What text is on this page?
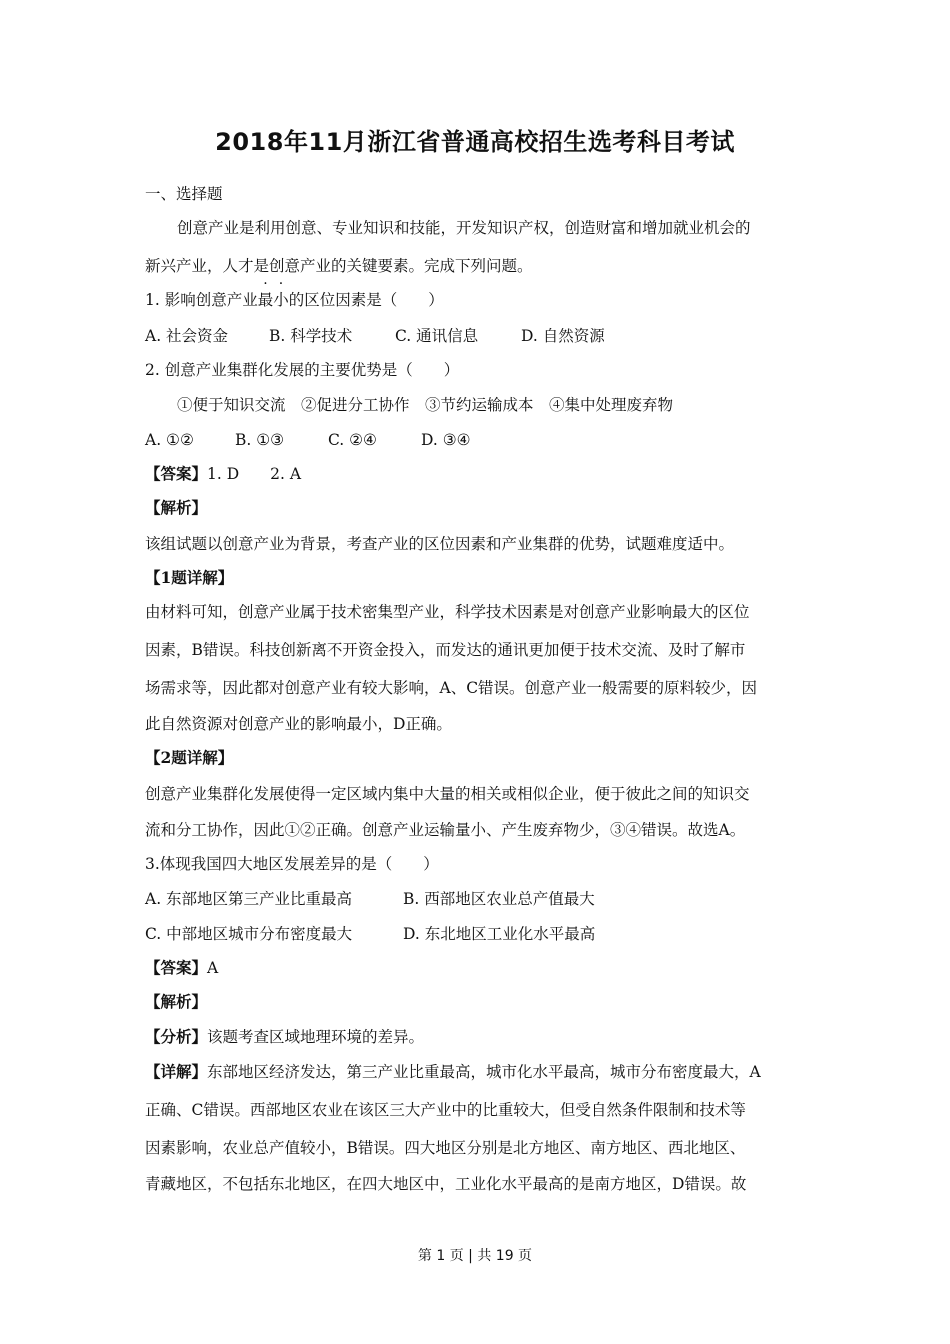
2018年11月浙江省普通高校招生选考科目考试
一、选择题
创意产业是利用创意、专业知识和技能，开发知识产权，创造财富和增加就业机会的
新兴产业，人才是创意产业的关键要素。完成下列问题。
1. 影响创意产业最小的区位因素是（　　）
A. 社会资金	B. 科学技术	C. 通讯信息	D. 自然资源
2. 创意产业集群化发展的主要优势是（　　）
①便于知识交流　②促进分工协作　③节约运输成本　④集中处理废弃物
A. ①②	B. ①③	C. ②④	D. ③④
【答案】1. D　　2. A
【解析】
该组试题以创意产业为背景，考查产业的区位因素和产业集群的优势，试题难度适中。
【1题详解】
由材料可知，创意产业属于技术密集型产业，科学技术因素是对创意产业影响最大的区位
因素，B错误。科技创新离不开资金投入，而发达的通讯更加便于技术交流、及时了解市
场需求等，因此都对创意产业有较大影响，A、C错误。创意产业一般需要的原料较少，因
此自然资源对创意产业的影响最小，D正确。
【2题详解】
创意产业集群化发展使得一定区域内集中大量的相关或相似企业，便于彼此之间的知识交
流和分工协作，因此①②正确。创意产业运输量小、产生废弃物少，③④错误。故选A。
3.体现我国四大地区发展差异的是（　　）
A. 东部地区第三产业比重最高	B. 西部地区农业总产值最大
C. 中部地区城市分布密度最大	D. 东北地区工业化水平最高
【答案】A
【解析】
【分析】该题考查区域地理环境的差异。
【详解】东部地区经济发达，第三产业比重最高，城市化水平最高，城市分布密度最大，A
正确、C错误。西部地区农业在该区三大产业中的比重较大，但受自然条件限制和技术等
因素影响，农业总产值较小，B错误。四大地区分别是北方地区、南方地区、西北地区、
青藏地区，不包括东北地区，在四大地区中，工业化水平最高的是南方地区，D错误。故
第 1 页 | 共 19 页
